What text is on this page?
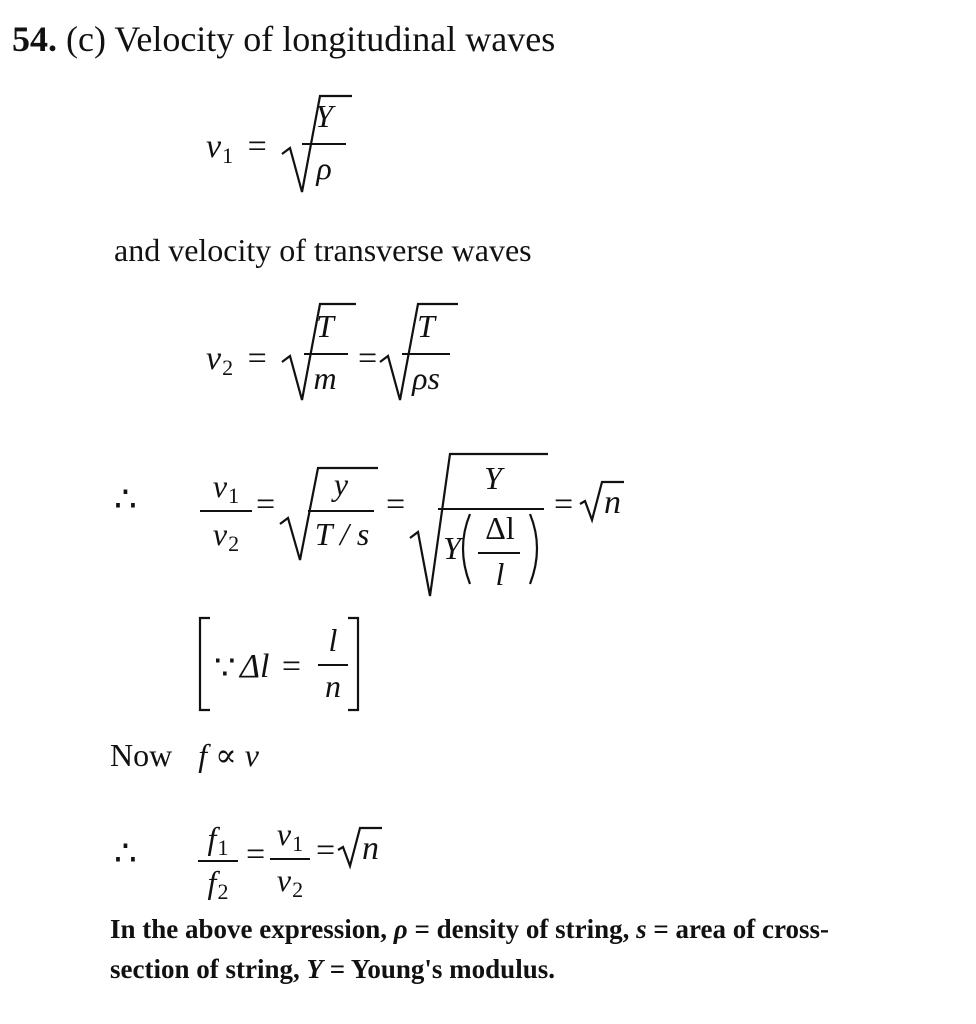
54. (c) Velocity of longitudinal waves
$v_1$ =
Y
ρ
and velocity of transverse waves
$v_2$ =
T
m
=
T
ρs
∴	$v_1$
$v_2$
=
y
T / s
=
Y
Y
Δl
l
= n
∵ Δl =
l
n
Now f ∝ v
∴	$f_1$
$f_2$
=
$v_1$
$v_2$
= n
In the above expression, ρ = density of string, s = area of cross-
section of string, Y = Young's modulus.
